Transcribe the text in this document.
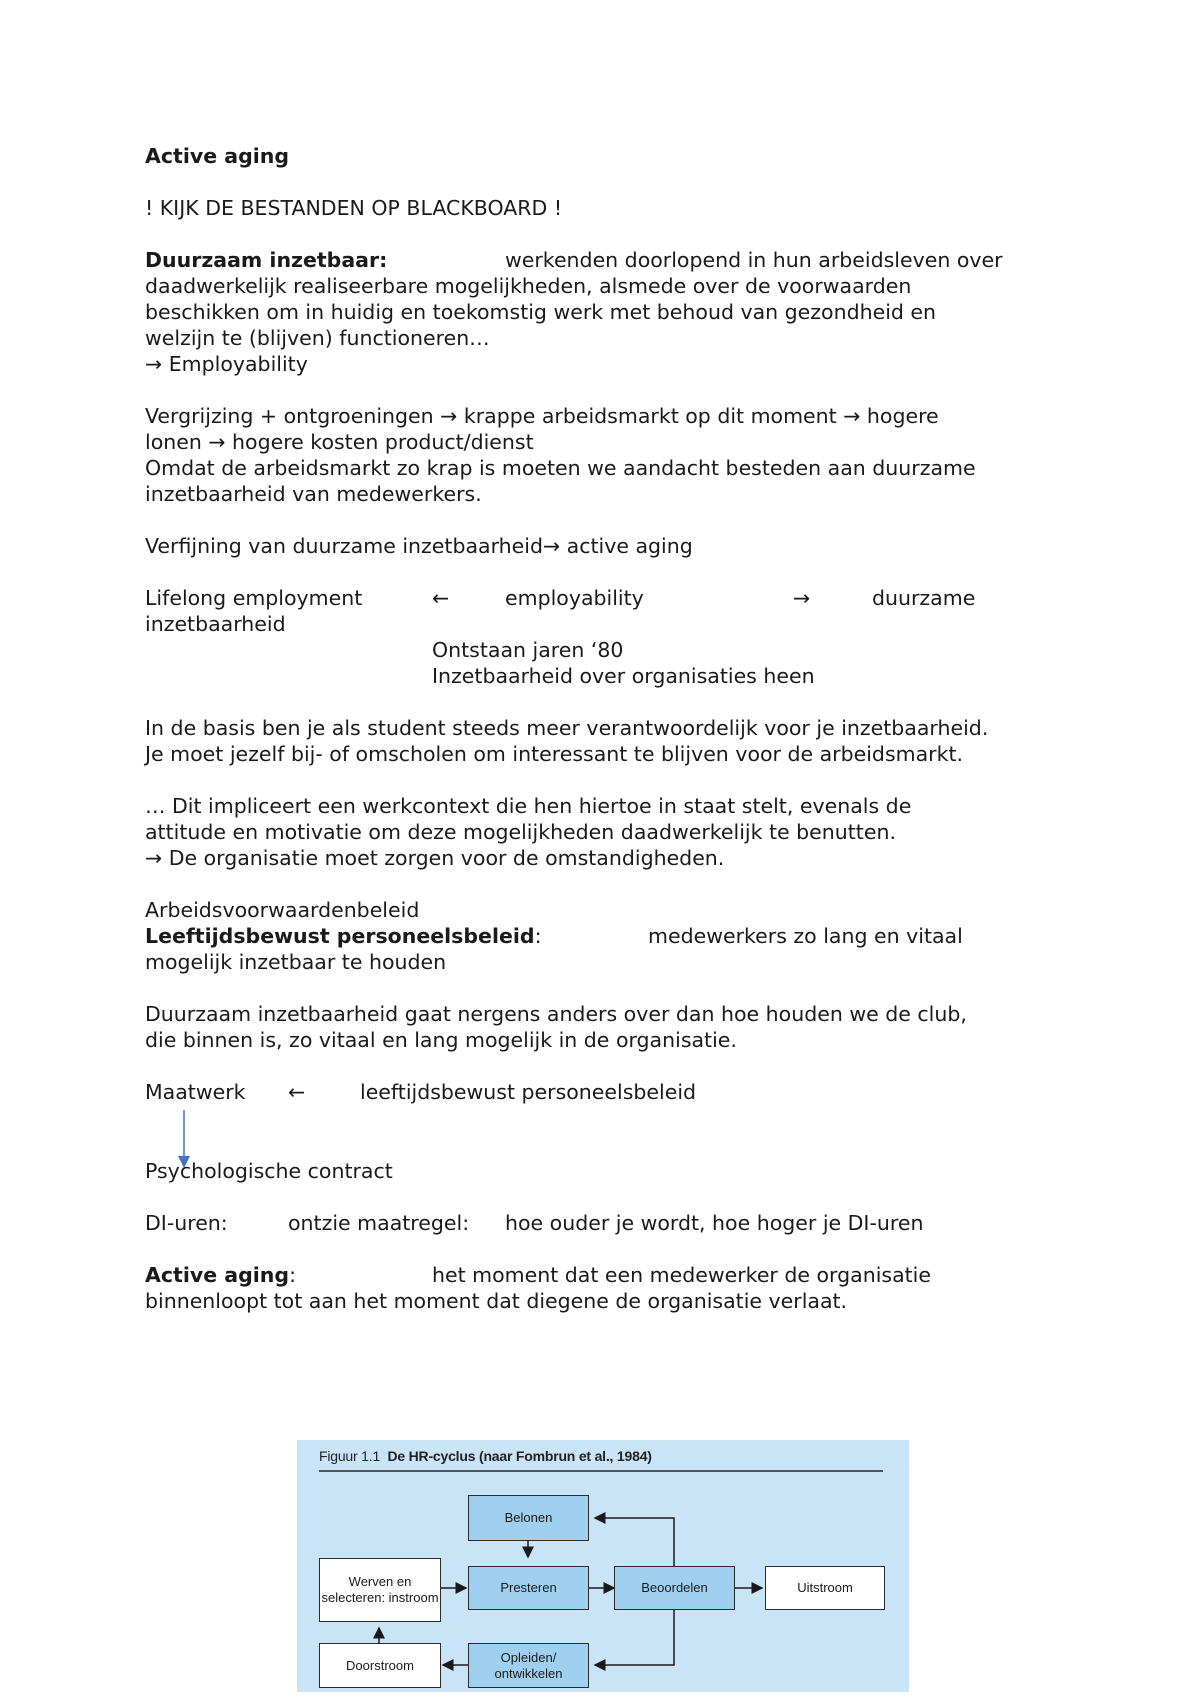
Active aging
! KIJK DE BESTANDEN OP BLACKBOARD !
Duurzaam inzetbaar:	werkenden doorlopend in hun arbeidsleven over
daadwerkelijk realiseerbare mogelijkheden, alsmede over de voorwaarden
beschikken om in huidig en toekomstig werk met behoud van gezondheid en
welzijn te (blijven) functioneren…
→ Employability
Vergrijzing + ontgroeningen → krappe arbeidsmarkt op dit moment → hogere
lonen → hogere kosten product/dienst
Omdat de arbeidsmarkt zo krap is moeten we aandacht besteden aan duurzame
inzetbaarheid van medewerkers.
Verfijning van duurzame inzetbaarheid→ active aging
Lifelong employment	←	employability	→	duurzame
inzetbaarheid
Ontstaan jaren ‘80
Inzetbaarheid over organisaties heen
In de basis ben je als student steeds meer verantwoordelijk voor je inzetbaarheid.
Je moet jezelf bij- of omscholen om interessant te blijven voor de arbeidsmarkt.
… Dit impliceert een werkcontext die hen hiertoe in staat stelt, evenals de
attitude en motivatie om deze mogelijkheden daadwerkelijk te benutten.
→ De organisatie moet zorgen voor de omstandigheden.
Arbeidsvoorwaardenbeleid
Leeftijdsbewust personeelsbeleid:	medewerkers zo lang en vitaal
mogelijk inzetbaar te houden
Duurzaam inzetbaarheid gaat nergens anders over dan hoe houden we de club,
die binnen is, zo vitaal en lang mogelijk in de organisatie.
Maatwerk ←	leeftijdsbewust personeelsbeleid
Psychologische contract
DI-uren:	ontzie maatregel: hoe ouder je wordt, hoe hoger je DI-uren
Active aging:	het moment dat een medewerker de organisatie
binnenloopt tot aan het moment dat diegene de organisatie verlaat.
Figuur 1.1 De HR-cyclus (naar Fombrun et al., 1984)
Belonen
Werven en selecteren: instroom
Presteren	Beoordelen	Uitstroom
Doorstroom
Opleiden/ ontwikkelen
